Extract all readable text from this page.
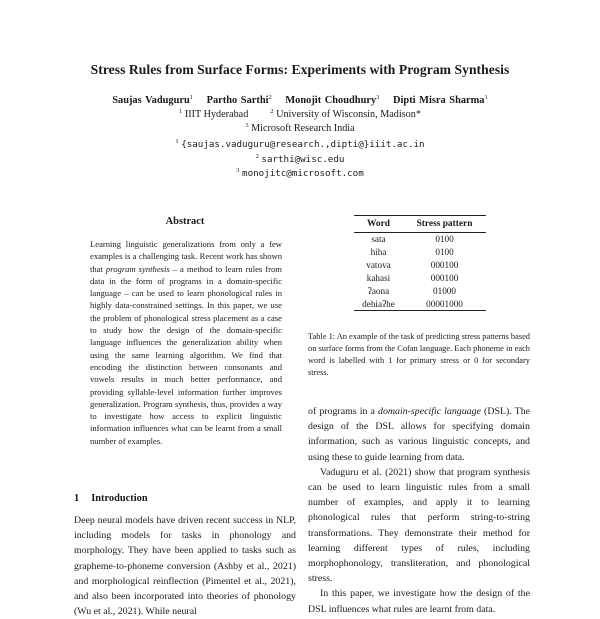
Stress Rules from Surface Forms: Experiments with Program Synthesis
Saujas Vaduguru$^1$ Partho Sarthi$^2$ Monojit Choudhury$^3$ Dipti Misra Sharma$^1$
$^1$ IIIT Hyderabad	$^2$ University of Wisconsin, Madison*
$^3$ Microsoft Research India
$^1$ {saujas.vaduguru@research.,dipti@}iiit.ac.in
$^2$ sarthi@wisc.edu
$^3$ monojitc@microsoft.com
Abstract
Learning linguistic generalizations from only a few examples is a challenging task. Recent work has shown that program synthesis – a method to learn rules from data in the form of programs in a domain-specific language – can be used to learn phonological rules in highly data-constrained settings. In this paper, we use the problem of phonological stress placement as a case to study how the design of the domain-specific language influences the generalization ability when using the same learning algorithm. We find that encoding the distinction between consonants and vowels results in much better performance, and providing syllable-level information further improves generalization. Program synthesis, thus, provides a way to investigate how access to explicit linguistic information influences what can be learnt from a small number of examples.
1 Introduction
Deep neural models have driven recent success in NLP, including models for tasks in phonology and morphology. They have been applied to tasks such as grapheme-to-phoneme conversion (Ashby et al., 2021) and morphological reinflection (Pimentel et al., 2021), and also been incorporated into theories of phonology (Wu et al., 2021). While neural
Word	Stress pattern
sata	0100
hiha	0100
vatova	000100
kahasi	000100
ʔaona	01000
dehiaʔhe	00001000
Table 1: An example of the task of predicting stress patterns based on surface forms from the Cofan language. Each phoneme in each word is labelled with 1 for primary stress or 0 for secondary stress.

of programs in a domain-specific language (DSL). The design of the DSL allows for specifying domain information, such as various linguistic concepts, and using these to guide learning from data.

Vaduguru et al. (2021) show that program synthesis can be used to learn linguistic rules from a small number of examples, and apply it to learning phonological rules that perform string-to-string transformations. They demonstrate their method for learning different types of rules, including morphophonology, transliteration, and phonological stress.

In this paper, we investigate how the design of the DSL influences what rules are learnt from data.
